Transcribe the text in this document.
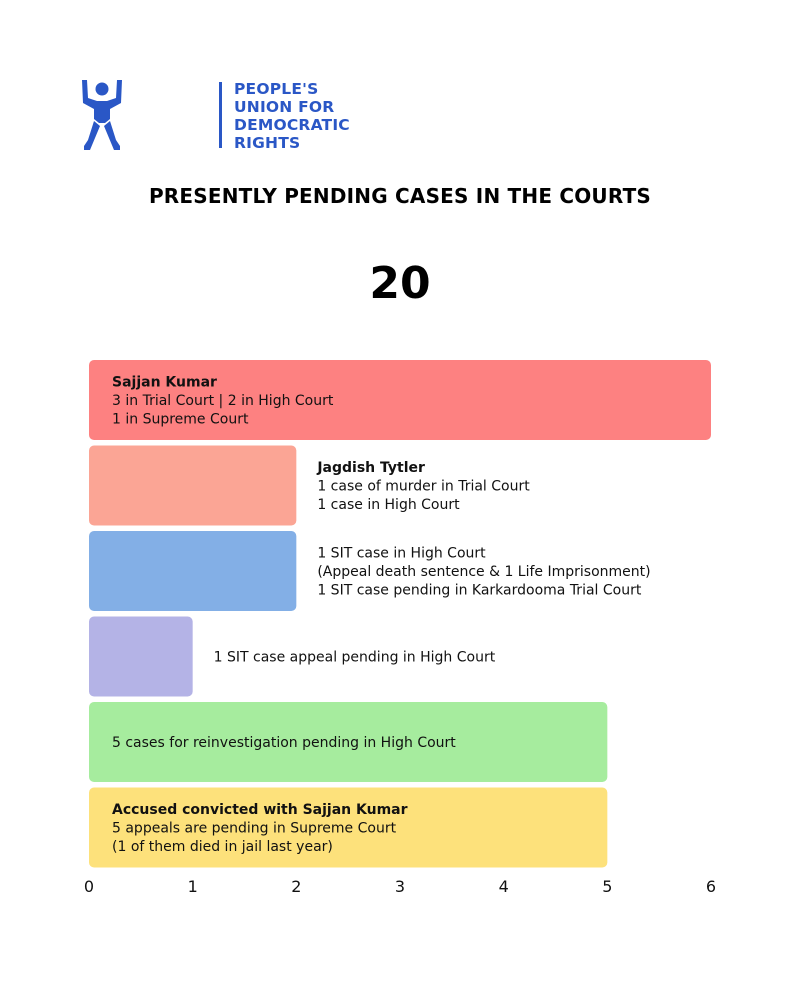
PEOPLE'S
UNION FOR
DEMOCRATIC
RIGHTS
PRESENTLY PENDING CASES IN THE COURTS
20
Sajjan Kumar
3 in Trial Court | 2 in High Court
1 in Supreme Court
Jagdish Tytler
1 case of murder in Trial Court
1 case in High Court
1 SIT case in High Court
(Appeal death sentence & 1 Life Imprisonment)
1 SIT case pending in Karkardooma Trial Court
1 SIT case appeal pending in High Court
5 cases for reinvestigation pending in High Court
Accused convicted with Sajjan Kumar
5 appeals are pending in Supreme Court
(1 of them died in jail last year)
0	1	2	3	4	5	6
